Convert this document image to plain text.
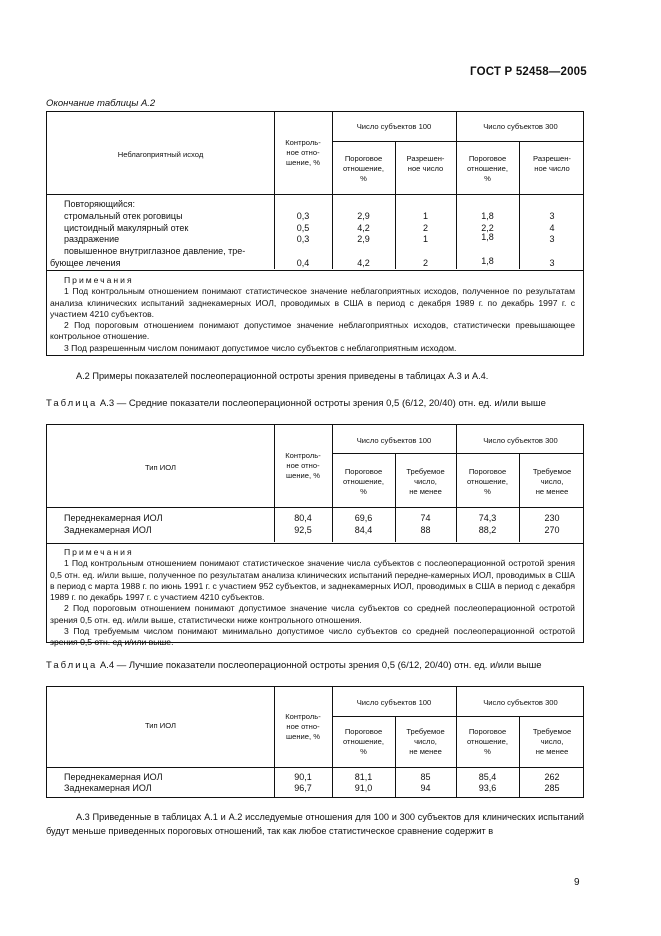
ГОСТ Р 52458—2005
Окончание таблицы А.2
Неблагоприятный исход
Контроль-
ное отно-
шение, %
Число субъектов 100	Число субъектов 300
Пороговое
отношение,
%
Разрешен-
ное число
Пороговое
отношение,
%
Разрешен-
ное число
Повторяющийся:
стромальный отек роговицы	0,3	2,9	1	1,8	3
цистоидный макулярный отек	0,5	4,2	2	2,2	4
раздражение	0,3	2,9	1	1,8	3
повышенное внутриглазное давление, тре-
бующее лечения	0,4	4,2	2	1,8	3

Примечания

1 Под контрольным отношением понимают статистическое значение неблагоприятных исходов, полученное по результатам анализа клинических испытаний заднекамерных ИОЛ, проводимых в США в период с декабря 1989 г. по декабрь 1997 г. с участием 4210 субъектов.

2 Под пороговым отношением понимают допустимое значение неблагоприятных исходов, статистически превышающее контрольное отношение.

3 Под разрешенным числом понимают допустимое число субъектов с неблагоприятным исходом.

А.2 Примеры показателей послеоперационной остроты зрения приведены в таблицах А.3 и А.4.
Таблица А.3 — Средние показатели послеоперационной остроты зрения 0,5 (6/12, 20/40) отн. ед. и/или выше
Тип ИОЛ
Контроль-
ное отно-
шение, %
Число субъектов 100	Число субъектов 300
Пороговое
отношение,
%
Требуемое
число,
не менее
Пороговое
отношение,
%
Требуемое
число,
не менее
Переднекамерная ИОЛ	80,4	69,6	74	74,3	230
Заднекамерная ИОЛ	92,5	84,4	88	88,2	270

Примечания

1 Под контрольным отношением понимают статистическое значение числа субъектов с послеоперационной остротой зрения 0,5 отн. ед. и/или выше, полученное по результатам анализа клинических испытаний передне-камерных ИОЛ, проводимых в США в период с марта 1988 г. по июнь 1991 г. с участием 952 субъектов, и заднекамерных ИОЛ, проводимых в США в период с декабря 1989 г. по декабрь 1997 г. с участием 4210 субъектов.

2 Под пороговым отношением понимают допустимое значение числа субъектов со средней послеоперационной остротой зрения 0,5 отн. ед. и/или выше, статистически ниже контрольного отношения.

3 Под требуемым числом понимают минимально допустимое число субъектов со средней послеоперационной остротой зрения 0,5 отн. ед и/или выше.

Таблица А.4 — Лучшие показатели послеоперационной остроты зрения 0,5 (6/12, 20/40) отн. ед. и/или выше
Тип ИОЛ
Контроль-
ное отно-
шение, %
Число субъектов 100	Число субъектов 300
Пороговое
отношение,
%
Требуемое
число,
не менее
Пороговое
отношение,
%
Требуемое
число,
не менее
Переднекамерная ИОЛ	90,1	81,1	85	85,4	262
Заднекамерная ИОЛ	96,7	91,0	94	93,6	285
А.3 Приведенные в таблицах А.1 и А.2 исследуемые отношения для 100 и 300 субъектов для клинических испытаний будут меньше приведенных пороговых отношений, так как любое статистическое сравнение содержит в
9
